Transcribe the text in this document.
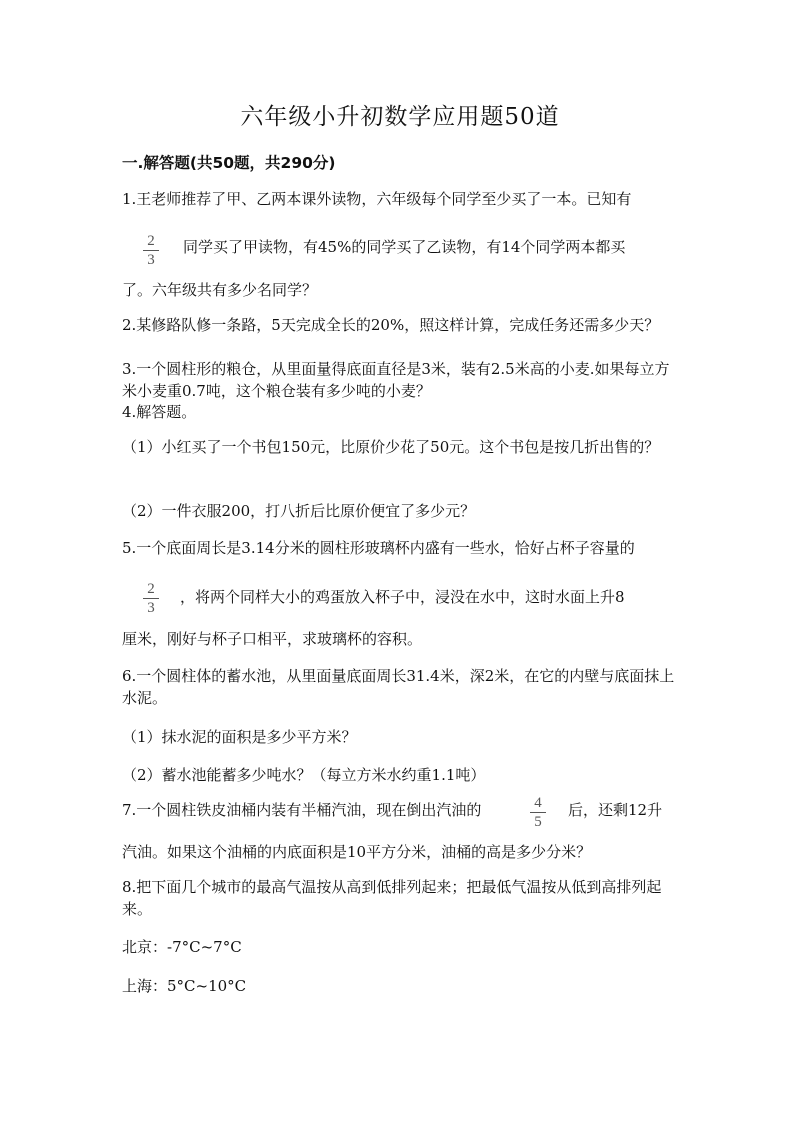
六年级小升初数学应用题50道
一.解答题(共50题，共290分)
1.王老师推荐了甲、乙两本课外读物，六年级每个同学至少买了一本。已知有
2
3
同学买了甲读物，有45%的同学买了乙读物，有14个同学两本都买
了。六年级共有多少名同学？
2.某修路队修一条路，5天完成全长的20%，照这样计算，完成任务还需多少天？
3.一个圆柱形的粮仓，从里面量得底面直径是3米，装有2.5米高的小麦.如果每立方米小麦重0.7吨，这个粮仓装有多少吨的小麦？
4.解答题。
（1）小红买了一个书包150元，比原价少花了50元。这个书包是按几折出售的？
（2）一件衣服200，打八折后比原价便宜了多少元？
5.一个底面周长是3.14分米的圆柱形玻璃杯内盛有一些水，恰好占杯子容量的
2
3
，将两个同样大小的鸡蛋放入杯子中，浸没在水中，这时水面上升8
厘米，刚好与杯子口相平，求玻璃杯的容积。
6.一个圆柱体的蓄水池，从里面量底面周长31.4米，深2米，在它的内壁与底面抹上水泥。
（1）抹水泥的面积是多少平方米？
（2）蓄水池能蓄多少吨水？（每立方米水约重1.1吨）
7.一个圆柱铁皮油桶内装有半桶汽油，现在倒出汽油的	4
5
后，还剩12升
汽油。如果这个油桶的内底面积是10平方分米，油桶的高是多少分米？
8.把下面几个城市的最高气温按从高到低排列起来；把最低气温按从低到高排列起来。
北京：-7°C~7°C
上海：5°C~10°C
